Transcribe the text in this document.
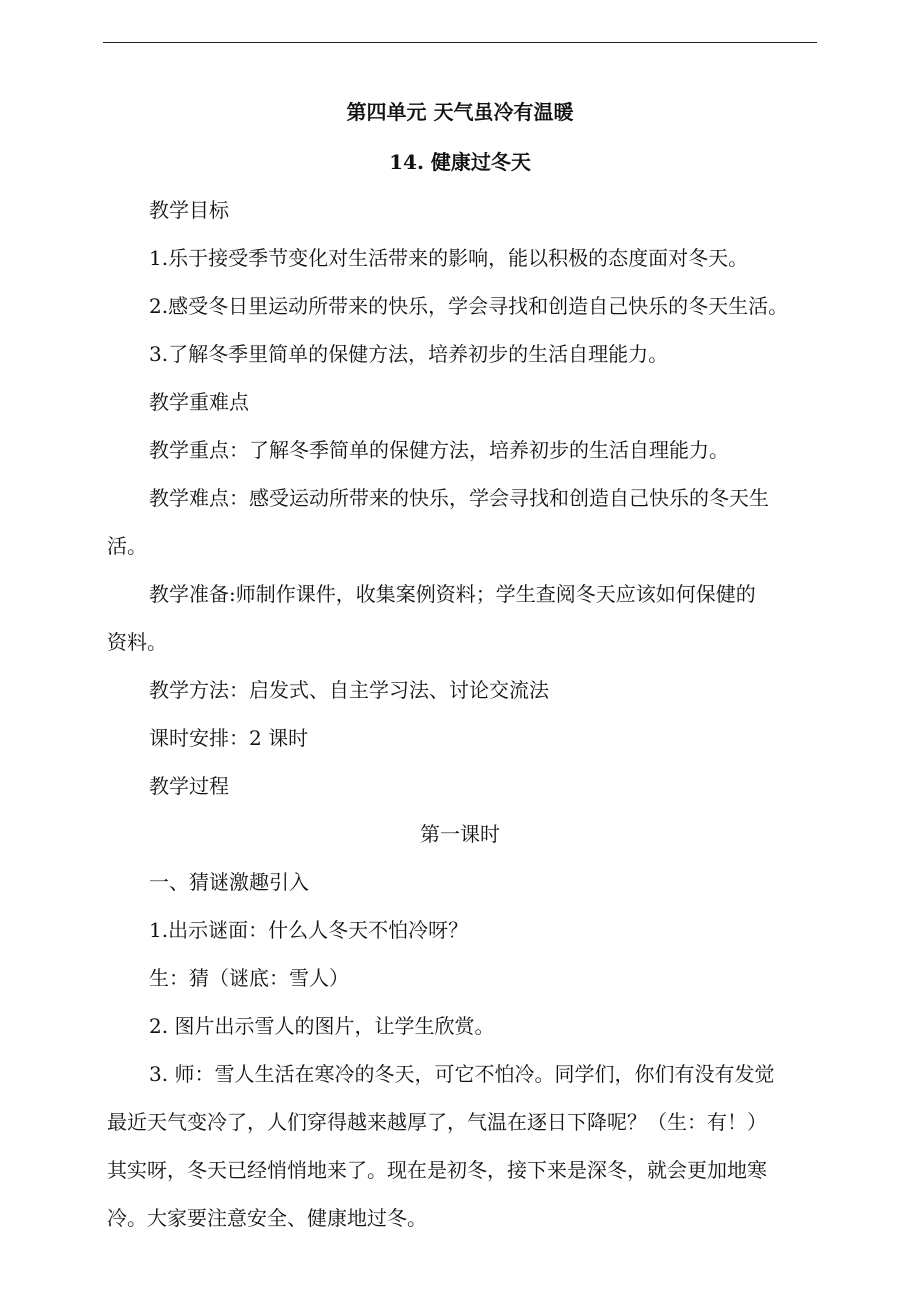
第四单元 天气虽冷有温暖
14. 健康过冬天
教学目标
1.乐于接受季节变化对生活带来的影响，能以积极的态度面对冬天。
2.感受冬日里运动所带来的快乐，学会寻找和创造自己快乐的冬天生活。
3.了解冬季里简单的保健方法，培养初步的生活自理能力。
教学重难点
教学重点：了解冬季简单的保健方法，培养初步的生活自理能力。
教学难点：感受运动所带来的快乐，学会寻找和创造自己快乐的冬天生
活。
教学准备:师制作课件，收集案例资料；学生查阅冬天应该如何保健的
资料。
教学方法：启发式、自主学习法、讨论交流法
课时安排：2 课时
教学过程
第一课时
一、猜谜激趣引入
1.出示谜面：什么人冬天不怕冷呀？
生：猜（谜底：雪人）
2. 图片出示雪人的图片，让学生欣赏。
3. 师：雪人生活在寒冷的冬天，可它不怕冷。同学们，你们有没有发觉
最近天气变冷了，人们穿得越来越厚了，气温在逐日下降呢？（生：有！）
其实呀，冬天已经悄悄地来了。现在是初冬，接下来是深冬，就会更加地寒
冷。大家要注意安全、健康地过冬。
